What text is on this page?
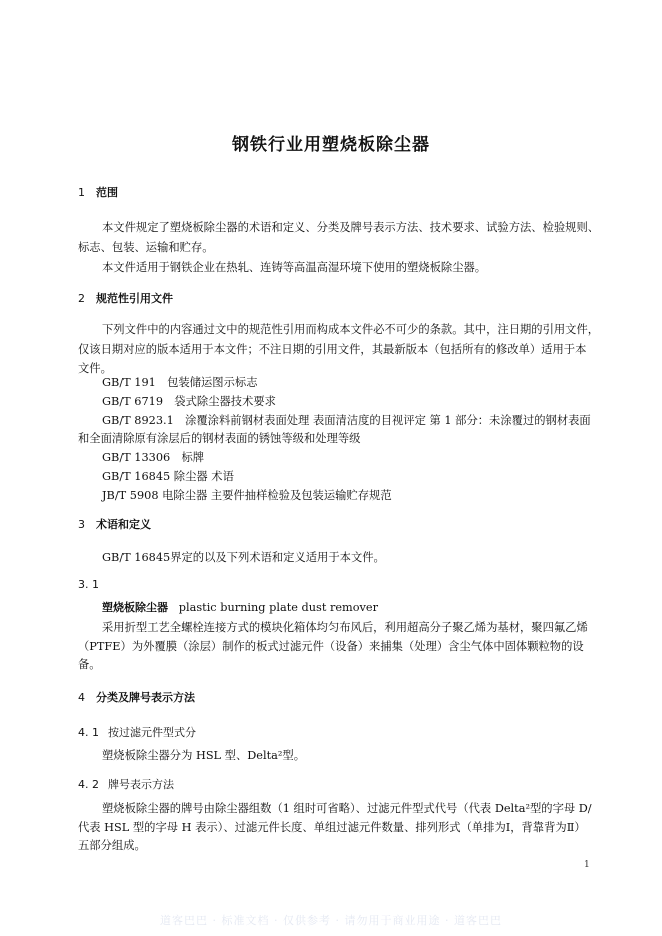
钢铁行业用塑烧板除尘器
1 范围
本文件规定了塑烧板除尘器的术语和定义、分类及牌号表示方法、技术要求、试验方法、检验规则、
标志、包装、运输和贮存。
本文件适用于钢铁企业在热轧、连铸等高温高湿环境下使用的塑烧板除尘器。
2 规范性引用文件
下列文件中的内容通过文中的规范性引用而构成本文件必不可少的条款。其中，注日期的引用文件，
仅该日期对应的版本适用于本文件；不注日期的引用文件，其最新版本（包括所有的修改单）适用于本
文件。
GB/T 191　包装储运图示标志
GB/T 6719　袋式除尘器技术要求
GB/T 8923.1　涂覆涂料前钢材表面处理 表面清洁度的目视评定 第 1 部分：未涂覆过的钢材表面
和全面清除原有涂层后的钢材表面的锈蚀等级和处理等级
GB/T 13306　标牌
GB/T 16845 除尘器 术语
JB/T 5908 电除尘器 主要件抽样检验及包装运输贮存规范
3 术语和定义
GB/T 16845界定的以及下列术语和定义适用于本文件。
3. 1
塑烧板除尘器 plastic burning plate dust remover
采用折型工艺全螺栓连接方式的模块化箱体均匀布风后，利用超高分子聚乙烯为基材，聚四氟乙烯
（PTFE）为外覆膜（涂层）制作的板式过滤元件（设备）来捕集（处理）含尘气体中固体颗粒物的设
备。
4 分类及牌号表示方法
4. 1 按过滤元件型式分
塑烧板除尘器分为 HSL 型、Delta²型。
4. 2 牌号表示方法
塑烧板除尘器的牌号由除尘器组数（1 组时可省略）、过滤元件型式代号（代表 Delta²型的字母 D/
代表 HSL 型的字母 H 表示）、过滤元件长度、单组过滤元件数量、排列形式（单排为Ⅰ，背靠背为Ⅱ）
五部分组成。
1
道客巴巴 · 标准文档 · 仅供参考 · 请勿用于商业用途 · 道客巴巴
